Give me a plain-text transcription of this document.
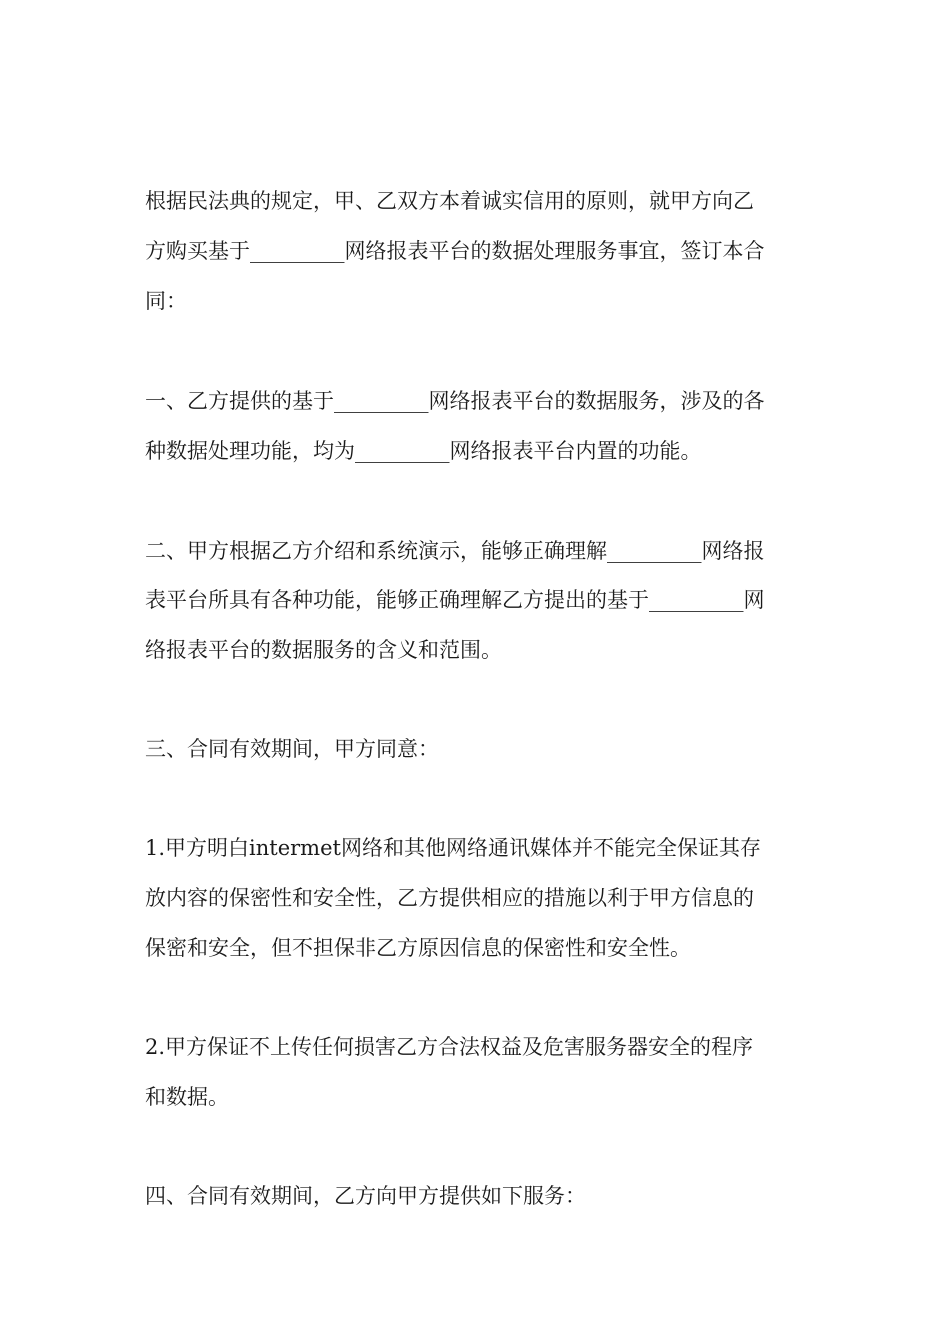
根据民法典的规定，甲、乙双方本着诚实信用的原则，就甲方向乙
方购买基于_________网络报表平台的数据处理服务事宜，签订本合
同：
一、乙方提供的基于_________网络报表平台的数据服务，涉及的各
种数据处理功能，均为_________网络报表平台内置的功能。
二、甲方根据乙方介绍和系统演示，能够正确理解_________网络报
表平台所具有各种功能，能够正确理解乙方提出的基于_________网
络报表平台的数据服务的含义和范围。
三、合同有效期间，甲方同意：
1.甲方明白intermet网络和其他网络通讯媒体并不能完全保证其存
放内容的保密性和安全性，乙方提供相应的措施以利于甲方信息的
保密和安全，但不担保非乙方原因信息的保密性和安全性。
2.甲方保证不上传任何损害乙方合法权益及危害服务器安全的程序
和数据。
四、合同有效期间，乙方向甲方提供如下服务：
